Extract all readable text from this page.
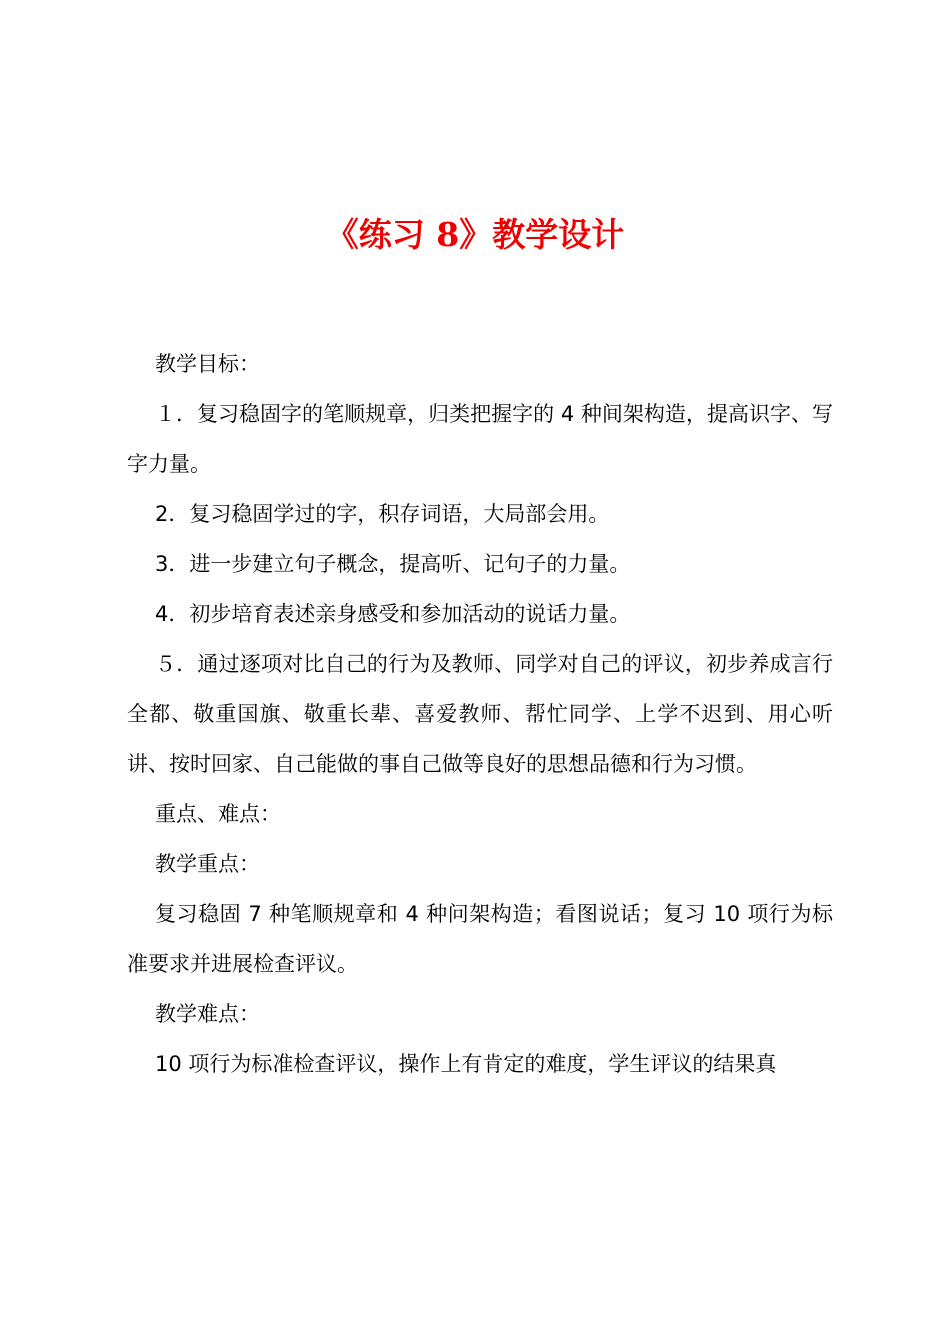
《练习 8》教学设计

教学目标：

１．复习稳固字的笔顺规章，归类把握字的 4 种间架构造，提高识字、写字力量。

2．复习稳固学过的字，积存词语，大局部会用。

3．进一步建立句子概念，提高听、记句子的力量。

4．初步培育表述亲身感受和参加活动的说话力量。

５．通过逐项对比自己的行为及教师、同学对自己的评议，初步养成言行全都、敬重国旗、敬重长辈、喜爱教师、帮忙同学、上学不迟到、用心听讲、按时回家、自己能做的事自己做等良好的思想品德和行为习惯。

重点、难点：

教学重点：

复习稳固 7 种笔顺规章和 4 种问架构造；看图说话；复习 10 项行为标准要求并进展检查评议。

教学难点：

10 项行为标准检查评议，操作上有肯定的难度，学生评议的结果真
